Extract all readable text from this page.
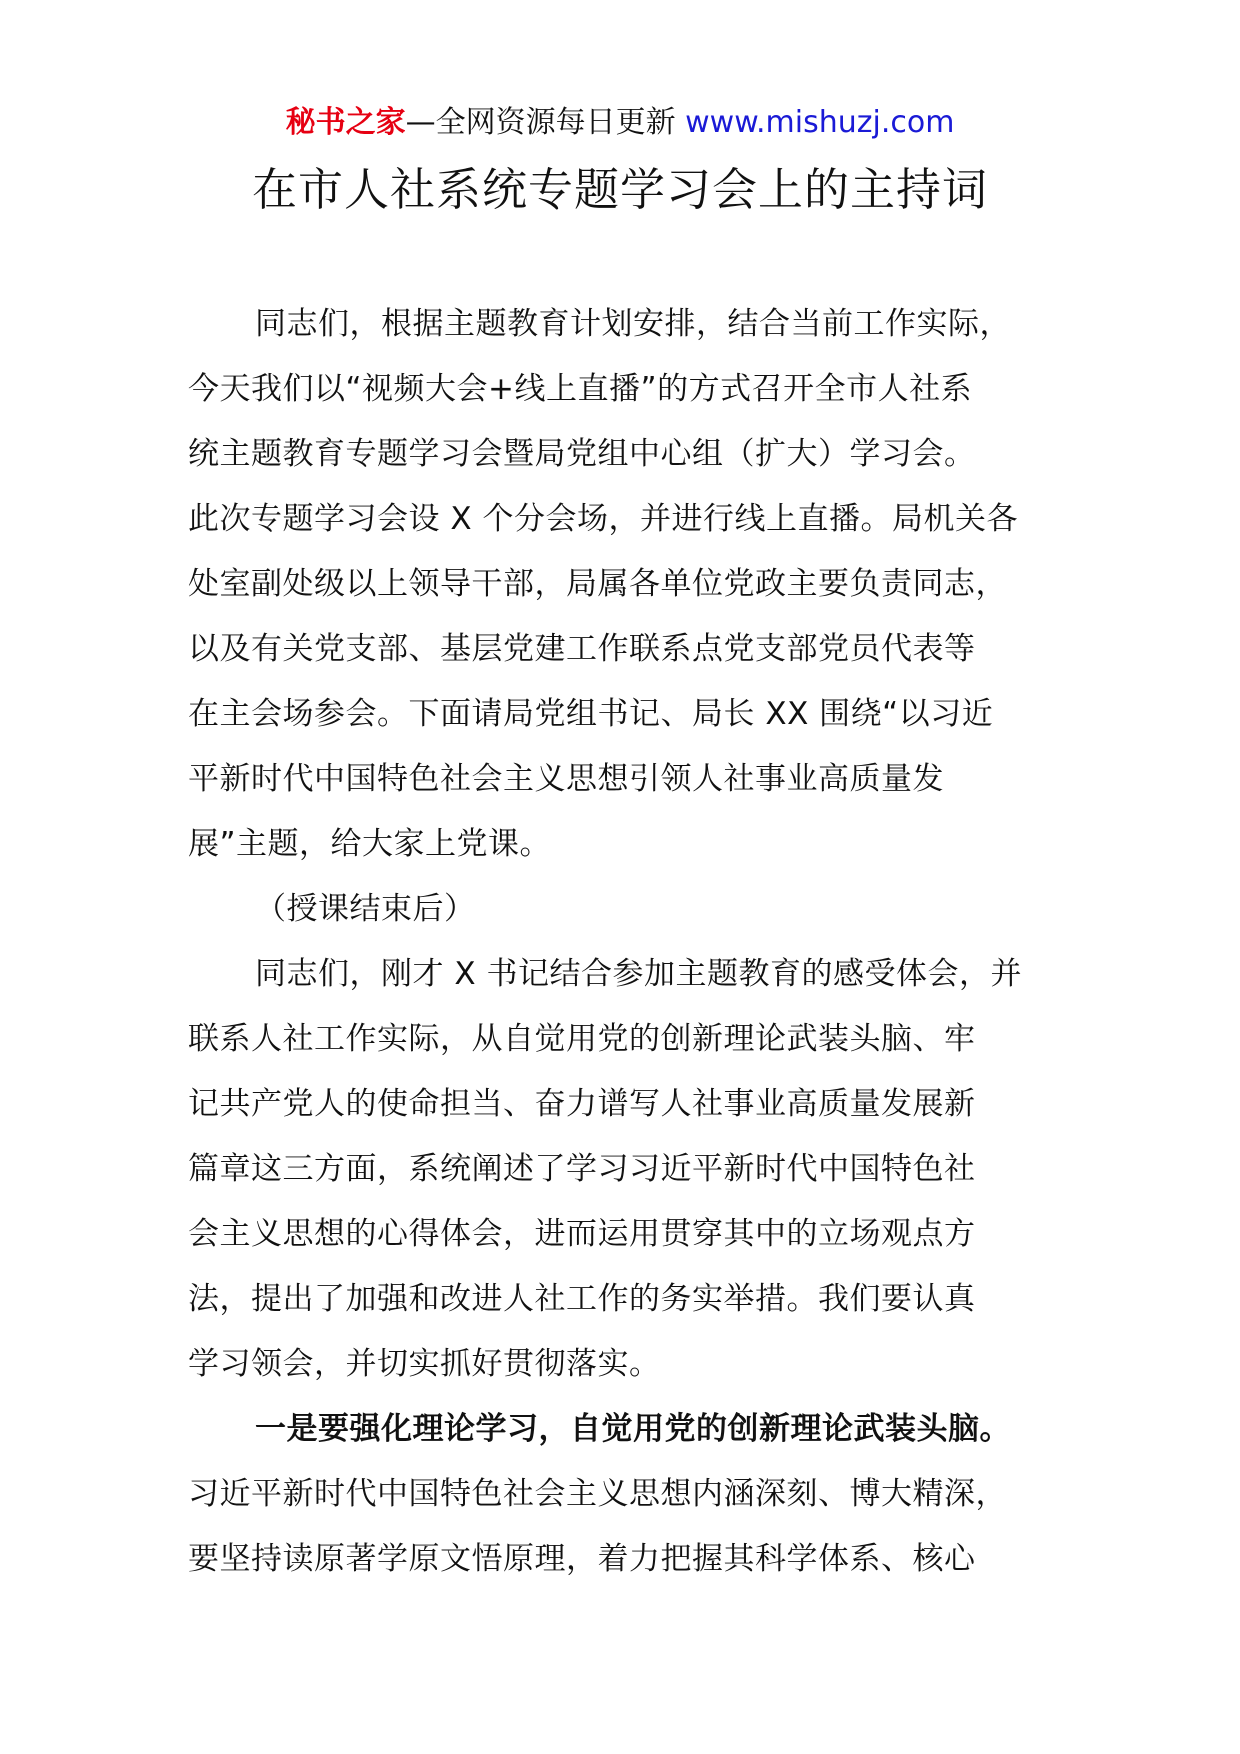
秘书之家—全网资源每日更新 www.mishuzj.com
在市人社系统专题学习会上的主持词
同志们，根据主题教育计划安排，结合当前工作实际，
今天我们以“视频大会+线上直播”的方式召开全市人社系
统主题教育专题学习会暨局党组中心组（扩大）学习会。
此次专题学习会设 X 个分会场，并进行线上直播。局机关各
处室副处级以上领导干部，局属各单位党政主要负责同志，
以及有关党支部、基层党建工作联系点党支部党员代表等
在主会场参会。下面请局党组书记、局长 XX 围绕“以习近
平新时代中国特色社会主义思想引领人社事业高质量发
展”主题，给大家上党课。
（授课结束后）
同志们，刚才 X 书记结合参加主题教育的感受体会，并
联系人社工作实际，从自觉用党的创新理论武装头脑、牢
记共产党人的使命担当、奋力谱写人社事业高质量发展新
篇章这三方面，系统阐述了学习习近平新时代中国特色社
会主义思想的心得体会，进而运用贯穿其中的立场观点方
法，提出了加强和改进人社工作的务实举措。我们要认真
学习领会，并切实抓好贯彻落实。
一是要强化理论学习，自觉用党的创新理论武装头脑。
习近平新时代中国特色社会主义思想内涵深刻、博大精深，
要坚持读原著学原文悟原理，着力把握其科学体系、核心
